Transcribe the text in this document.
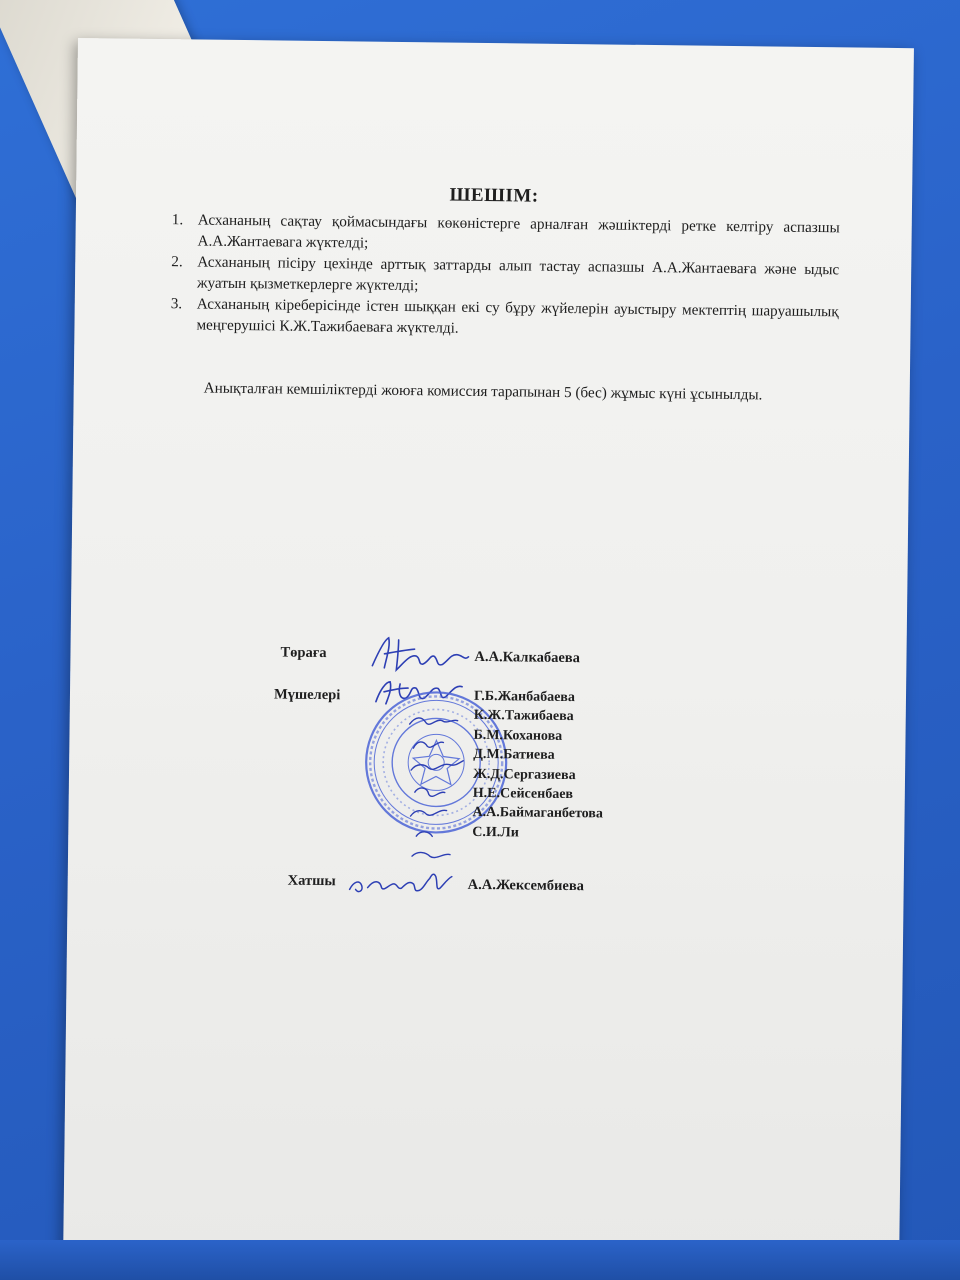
ШЕШІМ:
1. Асхананың сақтау қоймасындағы көкөністерге арналған жәшіктерді ретке келтіру аспазшы А.А.Жантаевага жүктелді;
2. Асхананың пісіру цехінде арттық заттарды алып тастау аспазшы А.А.Жантаеваға және ыдыс жуатын қызметкерлерге жүктелді;
3. Асхананың кіреберісінде істен шыққан екі су бұру жүйелерін ауыстыру мектептің шаруашылық меңгерушісі К.Ж.Тажибаеваға жүктелді.
Анықталған кемшіліктерді жоюға комиссия тарапынан 5 (бес) жұмыс күні ұсынылды.
Төраға	А.А.Калкабаева
Мүшелері	Г.Б.Жанбабаева
К.Ж.Тажибаева
Б.М.Коханова
Д.М.Батиева
Ж.Д.Сергазиева
Н.Е.Сейсенбаев
А.А.Баймаганбетова
С.И.Ли
Хатшы	А.А.Жексембиева
